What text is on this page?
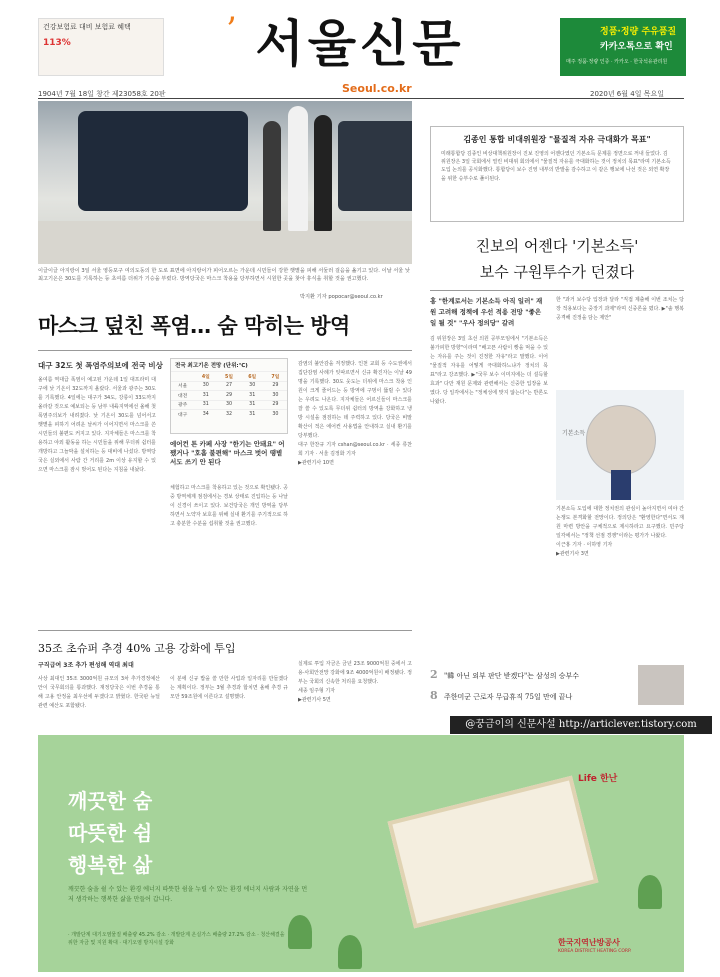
건강보험료 대비 보험료 혜택
113%	’ 서울신문
Seoul.co.kr
정품·정량 주유품질
카카오톡으로 확인
매주 정품·정량 인증 · 카카오 · 한국석유관리원
1904년 7월 18일 창간 제23058호 20판	2020년 6월 4일 목요일
이글이글 아지랑이 3일 서울 영등포구 여의도동의 한 도로 표면에 아지랑이가 피어오르는 가운데 시민들이 강한 햇볕을 피해 서둘러 걸음을 옮기고 있다. 이날 서울 낮 최고기온은 30도를 기록하는 등 초여름 더위가 기승을 부렸다. 방역당국은 마스크 착용을 당부하면서 시원한 곳을 찾아 휴식을 취할 것을 권고했다.
박지환 기자 popocar@seoul.co.kr
마스크 덮친 폭염… 숨 막히는 방역
대구 32도 첫 폭염주의보에 전국 비상
올여름 역대급 폭염이 예고된 가운데 1일 대프라미 대구에 낮 기온이 32도까지 올랐다. 서울과 광주는 30도를 기록했다. 4일에는 대구가 34도, 강릉이 33도까지 올라갈 것으로 예보되는 등 남부 내륙지역에선 올해 첫 폭염주의보가 내려졌다. 낮 기온이 30도를 넘어서고 햇볕을 피하기 어려운 날씨가 이어지면서 마스크를 쓴 시민들의 불편도 커지고 있다. 지자체들은 마스크를 착용하고 야외 활동을 하는 시민들을 위해 무더위 쉼터를 개방하고 그늘막을 설치하는 등 대비에 나섰다. 방역당국은 실외에서 사람 간 거리를 2m 이상 유지할 수 있으면 마스크를 잠시 벗어도 된다는 지침을 내놨다.
전국 최고기온 전망 (단위:℃)
4일	5일	6일	7일
서울	30	27	30	29
대전	31	29	31	30
광주	31	30	31	29
대구	34	32	31	30
에어컨 튼 카페 사장 "한기는 안돼요" 어쨌거나 "호흡 불편해" 마스크 벗어 땡볕서도 쓰기 안 된다
체험하고 마스크를 착용하고 있는 것으로 확인됐다. 공중 방역체계 점검에서는 경보 상태로 진입하는 등 나날이 신경이 쓰이고 있다. 보건당국은 개인 방역을 당부하면서 노약자 보호를 위해 실내 환기를 주기적으로 하고 충분한 수분을 섭취할 것을 권고했다.
감염의 불안감을 걱정했다. 인천 교회 등 수도권에서 집단감염 사례가 잇따르면서 신규 확진자는 이날 49명을 기록했다. 30도 웃도는 더위에 마스크 착용 인원이 크게 줄어드는 등 방역에 구멍이 뚫릴 수 있다는 우려도 나온다. 지자체들은 어르신들이 마스크를 잘 쓸 수 있도록 무더위 쉼터의 방역을 강화하고 냉방 시설을 점검하는 데 주력하고 있다. 당국은 비말 확산이 적은 에어컨 사용법을 안내하고 실내 환기를 당부했다.
대구 한찬규 기자 cshan@seoul.co.kr · 세종 류찬희 기자 · 서울 김정화 기자
▶관련기사 10면
35조 초슈퍼 추경 40% 고용 강화에 투입
구직급여 3조 추가 편성해 역대 최대
사상 최대인 35조 3000억원 규모의 3차 추가경정예산안이 국무회의를 통과했다. 재정당국은 이번 추경을 통해 고용 안정을 최우선에 두겠다고 밝혔다. 한국판 뉴딜 관련 예산도 포함됐다.
이 분에 신규 밥을 쓸 만한 사업과 일자리를 만들겠다는 계획이다. 정부는 3월 추경과 합치면 올해 추경 규모만 59조원에 이른다고 설명했다.
실제로 투입 자금은 금년 23조 9000억원 중에서 고용·사회안전망 강화에 9조 4000억원이 배정됐다. 정부는 국회의 신속한 처리를 요청했다.
세종 임주형 기자
▶관련기사 5면
김종인 통합 비대위원장 "물질적 자유 극대화가 목표"
미래통합당 김종인 비상대책위원장이 진보 진영의 어젠다였던 기본소득 문제를 정면으로 꺼내 들었다. 김 위원장은 3일 국회에서 열린 비대위 회의에서 "물질적 자유를 극대화하는 것이 정치의 목표"라며 기본소득 도입 논의를 공식화했다. 통합당이 보수 진영 내부의 반발을 감수하고 이 같은 행보에 나선 것은 외연 확장을 위한 승부수로 풀이된다.
진보의 어젠다 '기본소득'
보수 구원투수가 던졌다
홍 "한계로서는 기본소득 아직 일러" 재원 고려해 정책에 우선 적용 전망 "좋은 일 될 것" "우사 정의당" 갈려
김 위원장은 3일 초선 의원 공부모임에서 "기본소득은 불가피한 방향"이라며 "배고픈 사람이 빵을 먹을 수 있는 자유를 주는 것이 진정한 자유"라고 말했다. 이어 "물질적 자유를 어떻게 극대화하느냐가 정치의 목표"라고 강조했다. ▶"국무 보수 이미지에는 더 설득할 효과" 다만 재원 문제와 관련해서는 신중한 입장을 보였다. 당 일각에서는 "정체성에 맞지 않는다"는 반론도 나왔다.
한 "과거 보수당 입장과 달라 "직접 제출해 이번 조치는 당장 적용보다는 중장기 과제"라며 신중론을 폈다. ▶"솔 행복 공격해 진정을 담는 제안"
기본소득
기본소득 도입에 대한 정치권의 관심이 높아지면서 여야 간 논쟁도 본격화할 전망이다. 정의당은 "환영한다"면서도 재원 마련 방안을 구체적으로 제시하라고 요구했다. 민주당 일각에서는 "정책 선점 경쟁"이라는 평가가 나왔다.
이근홍 기자 · 이하영 기자
▶관련기사 3면
2 "韓 아닌 외부 판단 받겠다"는 삼성의 승부수
8 주한미군 근로자 무급휴직 75일 만에 끝나
@꿍금이의 신문사설 http://articlever.tistory.com
깨끗한 숨
따뜻한 쉼
행복한 삶
깨끗한 숨을 쉴 수 있는 환경 에너지 따뜻한 쉼을 누릴 수 있는 환경 에너지 사람과 자연을 먼저 생각하는 행복한 삶을 만들어 갑니다.
· 개발단계 대기오염물질 배출량 45.2% 감소 · 개발단계 온실가스 배출량 27.2% 감소 · 청산해결을 위한 자금 및 지원 확대 · 대기오염 방지시설 강화
Life 한난
한국지역난방공사
KOREA DISTRICT HEATING CORP.
